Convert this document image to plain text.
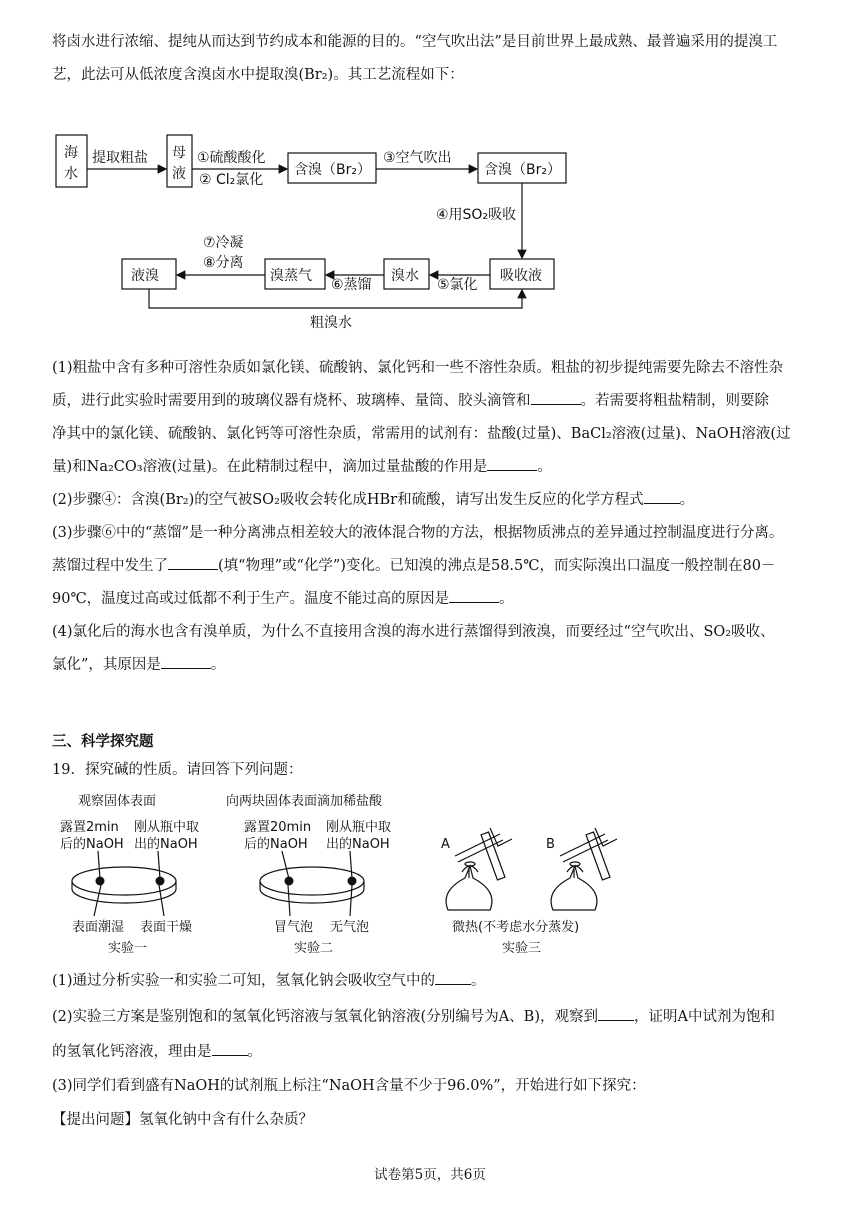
将卤水进行浓缩、提纯从而达到节约成本和能源的目的。“空气吹出法”是目前世界上最成熟、最普遍采用的提溴工

艺，此法可从低浓度含溴卤水中提取溴(Br₂)。其工艺流程如下：

海
水
提取粗盐 母
液
①硫酸酸化
② Cl₂氯化
含溴（Br₂）
③空气吹出
含溴（Br₂）
④用SO₂吸收
吸收液
⑤氯化
溴水
⑥蒸馏
溴蒸气
⑦冷凝
⑧分离
液溴
粗溴水

(1)粗盐中含有多种可溶性杂质如氯化镁、硫酸钠、氯化钙和一些不溶性杂质。粗盐的初步提纯需要先除去不溶性杂

质，进行此实验时需要用到的玻璃仪器有烧杯、玻璃棒、量筒、胶头滴管和	。若需要将粗盐精制，则要除

净其中的氯化镁、硫酸钠、氯化钙等可溶性杂质，常需用的试剂有：盐酸(过量)、BaCl₂溶液(过量)、NaOH溶液(过

量)和Na₂CO₃溶液(过量)。在此精制过程中，滴加过量盐酸的作用是	。

(2)步骤④：含溴(Br₂)的空气被SO₂吸收会转化成HBr和硫酸，请写出发生反应的化学方程式 。

(3)步骤⑥中的“蒸馏”是一种分离沸点相差较大的液体混合物的方法，根据物质沸点的差异通过控制温度进行分离。

蒸馏过程中发生了	(填“物理”或“化学”)变化。已知溴的沸点是58.5℃，而实际溴出口温度一般控制在80－

90℃，温度过高或过低都不利于生产。温度不能过高的原因是	。

(4)氯化后的海水也含有溴单质，为什么不直接用含溴的海水进行蒸馏得到液溴，而要经过“空气吹出、SO₂吸收、

氯化”，其原因是	。

三、科学探究题

19．探究碱的性质。请回答下列问题：

观察固体表面
露置2min
后的NaOH
刚从瓶中取
出的NaOH
表面潮湿 表面干燥
实验一
向两块固体表面滴加稀盐酸
露置20min
后的NaOH
刚从瓶中取
出的NaOH
冒气泡 无气泡
实验二
A	B
微热(不考虑水分蒸发)
实验三

(1)通过分析实验一和实验二可知，氢氧化钠会吸收空气中的 。

(2)实验三方案是鉴别饱和的氢氧化钙溶液与氢氧化钠溶液(分别编号为A、B)，观察到 ，证明A中试剂为饱和

的氢氧化钙溶液，理由是 。

(3)同学们看到盛有NaOH的试剂瓶上标注“NaOH含量不少于96.0%”，开始进行如下探究：

【提出问题】氢氧化钠中含有什么杂质？

试卷第5页，共6页
